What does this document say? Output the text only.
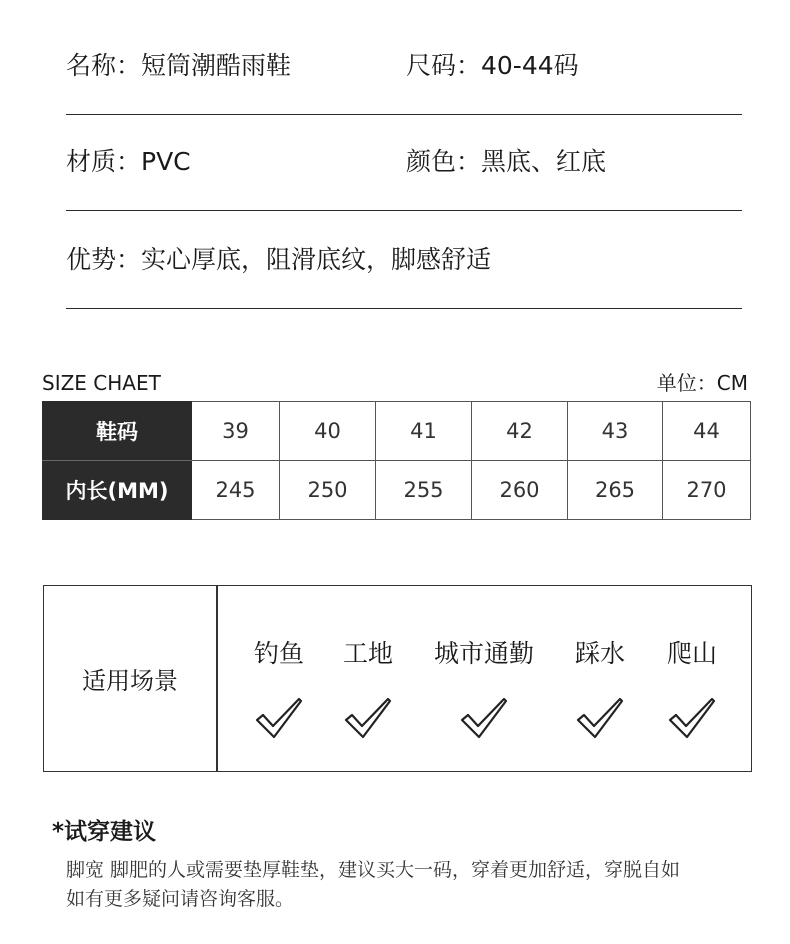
名称：短筒潮酷雨鞋	尺码：40-44码
材质：PVC	颜色：黑底、红底
优势：实心厚底，阻滑底纹，脚感舒适
SIZE CHAET	单位：CM
鞋码	39	40	41	42	43	44
内长(MM)	245	250	255	260	265	270
适用场景
钓鱼	工地	城市通勤	踩水	爬山
*试穿建议
脚宽 脚肥的人或需要垫厚鞋垫，建议买大一码，穿着更加舒适，穿脱自如
如有更多疑问请咨询客服。
